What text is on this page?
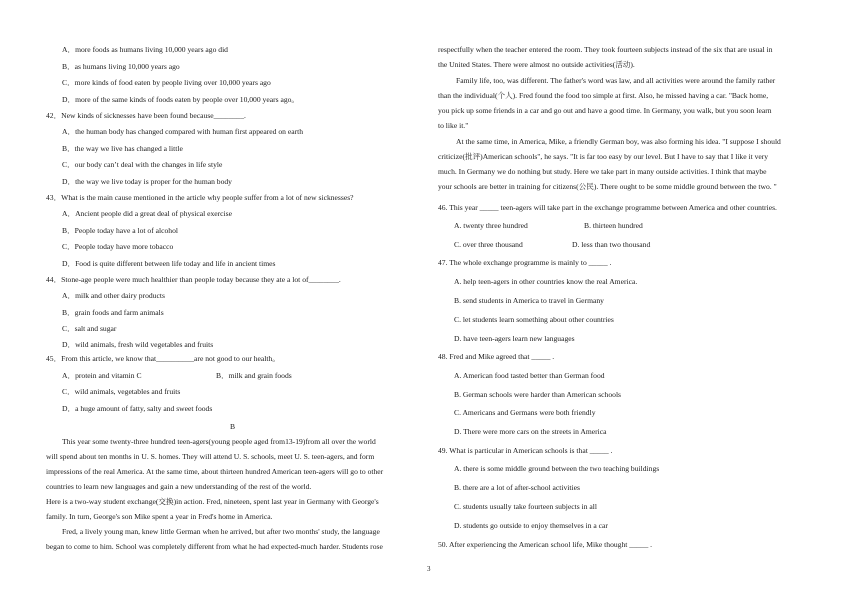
A．more foods as humans living 10,000 years ago did
B．as humans living 10,000 years ago
C．more kinds of food eaten by people living over 10,000 years ago
D．more of the same kinds of foods eaten by people over 10,000 years ago。
42．New kinds of sicknesses have been found because________.
A．the human body has changed compared with human first appeared on earth
B．the way we live has changed a little
C．our body can’t deal with the changes in life style
D．the way we live today is proper for the human body
43．What is the main cause mentioned in the article why people suffer from a lot of new sicknesses?
A．Ancient people did a great deal of physical exercise
B．People today have a lot of alcohol
C．People today have more tobacco
D．Food is quite different between life today and life in ancient times
44．Stone-age people were much healthier than people today because they ate a lot of________.
A．milk and other dairy products
B．grain foods and farm animals
C．salt and sugar
D．wild animals, fresh wild vegetables and fruits
45．From this article, we know that__________are not good to our health。
A．protein and vitamin C	B．milk and grain foods
C．wild animals, vegetables and fruits
D．a huge amount of fatty, salty and sweet foods
B
This year some twenty-three hundred teen-agers(young people aged from13-19)from all over the world
will spend about ten months in U. S. homes. They will attend U. S. schools, meet U. S. teen-agers, and form
impressions of the real America. At the same time, about thirteen hundred American teen-agers will go to other
countries to learn new languages and gain a new understanding of the rest of the world.
Here is a two-way student exchange(交换)in action. Fred, nineteen, spent last year in Germany with George's
family. In turn, George's son Mike spent a year in Fred's home in America.
Fred, a lively young man, knew little German when he arrived, but after two months' study, the language
began to come to him. School was completely different from what he had expected-much harder. Students rose
respectfully when the teacher entered the room. They took fourteen subjects instead of the six that are usual in
the United States. There were almost no outside activities(活动).
Family life, too, was different. The father's word was law, and all activities were around the family rather
than the individual(个人). Fred found the food too simple at first. Also, he missed having a car. "Back home,
you pick up some friends in a car and go out and have a good time. In Germany, you walk, but you soon learn
to like it."
At the same time, in America, Mike, a friendly German boy, was also forming his idea. "I suppose I should
criticize(批评)American schools", he says. "It is far too easy by our level. But I have to say that I like it very
much. In Germany we do nothing but study. Here we take part in many outside activities. I think that maybe
your schools are better in training for citizens(公民). There ought to be some middle ground between the two. "
46. This year _____ teen-agers will take part in the exchange programme between America and other countries.
A. twenty three hundred	B. thirteen hundred
C. over three thousand	D. less than two thousand
47. The whole exchange programme is mainly to _____ .
A. help teen-agers in other countries know the real America.
B. send students in America to travel in Germany
C. let students learn something about other countries
D. have teen-agers learn new languages
48. Fred and Mike agreed that _____ .
A. American food tasted better than German food
B. German schools were harder than American schools
C. Americans and Germans were both friendly
D. There were more cars on the streets in America
49. What is particular in American schools is that _____ .
A. there is some middle ground between the two teaching buildings
B. there are a lot of after-school activities
C. students usually take fourteen subjects in all
D. students go outside to enjoy themselves in a car
50. After experiencing the American school life, Mike thought _____ .
3
